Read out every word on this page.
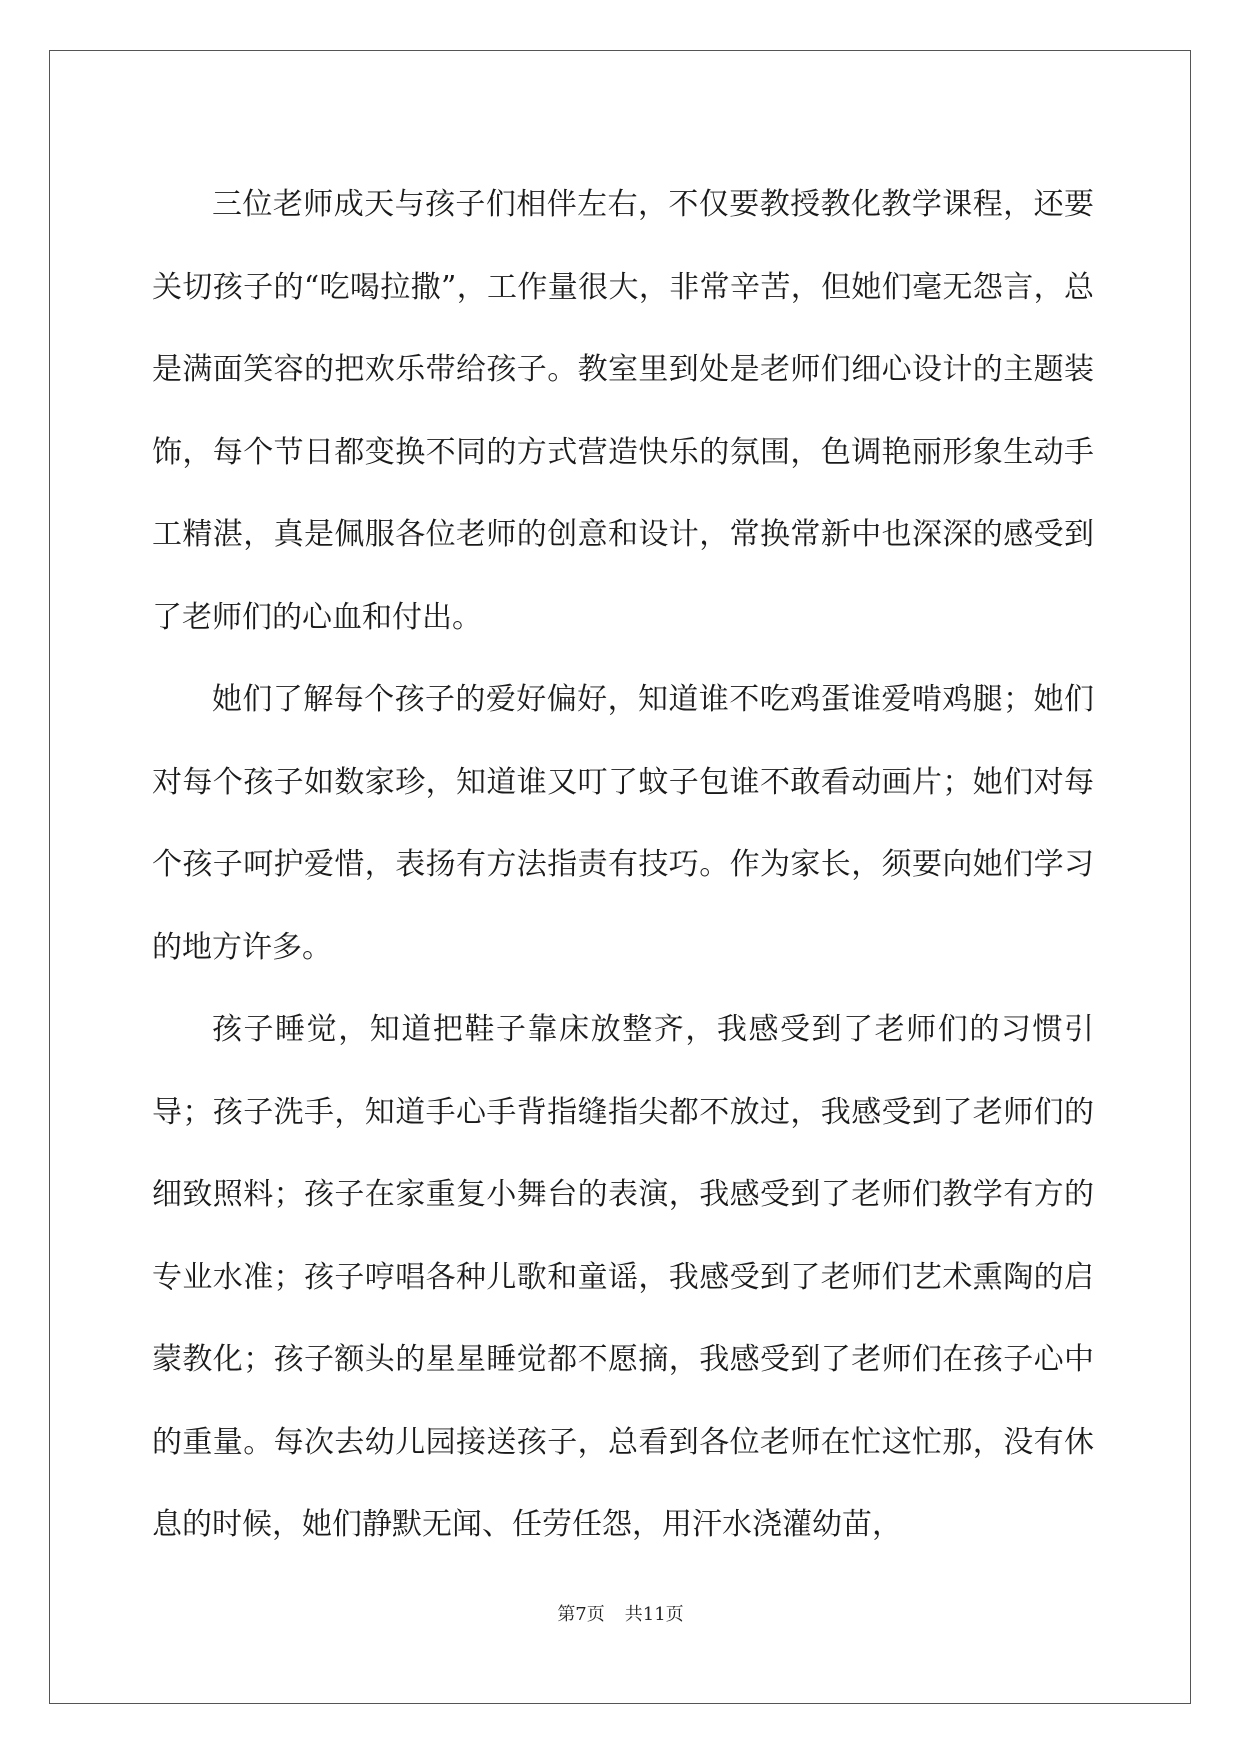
三位老师成天与孩子们相伴左右，不仅要教授教化教学课程，还要关切孩子的“吃喝拉撒”，工作量很大，非常辛苦，但她们毫无怨言，总是满面笑容的把欢乐带给孩子。教室里到处是老师们细心设计的主题装饰，每个节日都变换不同的方式营造快乐的氛围，色调艳丽形象生动手工精湛，真是佩服各位老师的创意和设计，常换常新中也深深的感受到了老师们的心血和付出。

她们了解每个孩子的爱好偏好，知道谁不吃鸡蛋谁爱啃鸡腿；她们对每个孩子如数家珍，知道谁又叮了蚊子包谁不敢看动画片；她们对每个孩子呵护爱惜，表扬有方法指责有技巧。作为家长，须要向她们学习的地方许多。

孩子睡觉，知道把鞋子靠床放整齐，我感受到了老师们的习惯引导；孩子洗手，知道手心手背指缝指尖都不放过，我感受到了老师们的细致照料；孩子在家重复小舞台的表演，我感受到了老师们教学有方的专业水准；孩子哼唱各种儿歌和童谣，我感受到了老师们艺术熏陶的启蒙教化；孩子额头的星星睡觉都不愿摘，我感受到了老师们在孩子心中的重量。每次去幼儿园接送孩子，总看到各位老师在忙这忙那，没有休息的时候，她们静默无闻、任劳任怨，用汗水浇灌幼苗，

第7页 共11页
